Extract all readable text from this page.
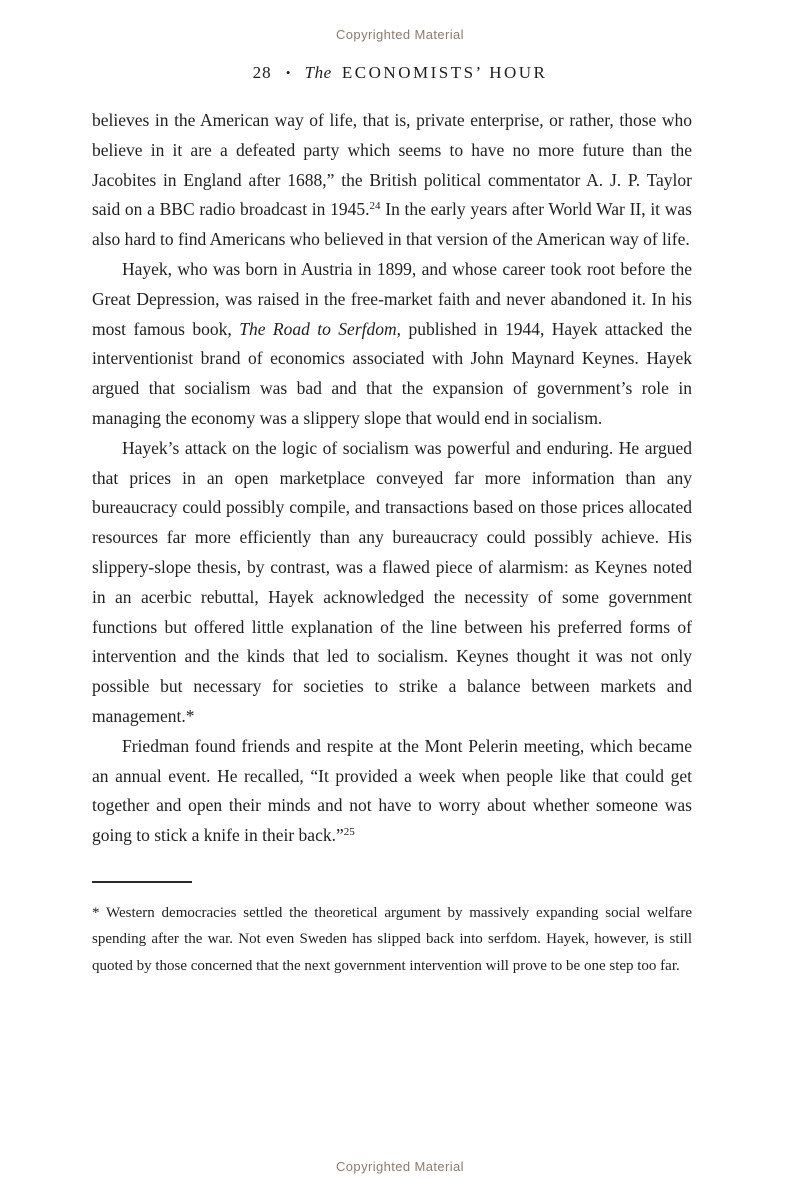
Copyrighted Material
28 • The ECONOMISTS’ HOUR

believes in the American way of life, that is, private enterprise, or rather, those who believe in it are a defeated party which seems to have no more future than the Jacobites in England after 1688,” the British political commentator A. J. P. Taylor said on a BBC radio broadcast in 1945.24 In the early years after World War II, it was also hard to find Americans who believed in that version of the American way of life.

Hayek, who was born in Austria in 1899, and whose career took root before the Great Depression, was raised in the free-market faith and never abandoned it. In his most famous book, The Road to Serfdom, published in 1944, Hayek attacked the interventionist brand of economics associated with John Maynard Keynes. Hayek argued that socialism was bad and that the expansion of government’s role in managing the economy was a slippery slope that would end in socialism.

Hayek’s attack on the logic of socialism was powerful and enduring. He argued that prices in an open marketplace conveyed far more information than any bureaucracy could possibly compile, and transactions based on those prices allocated resources far more efficiently than any bureaucracy could possibly achieve. His slippery-slope thesis, by contrast, was a flawed piece of alarmism: as Keynes noted in an acerbic rebuttal, Hayek acknowledged the necessity of some government functions but offered little explanation of the line between his preferred forms of intervention and the kinds that led to socialism. Keynes thought it was not only possible but necessary for societies to strike a balance between markets and management.*

Friedman found friends and respite at the Mont Pelerin meeting, which became an annual event. He recalled, “It provided a week when people like that could get together and open their minds and not have to worry about whether someone was going to stick a knife in their back.”$^{25}$

* Western democracies settled the theoretical argument by massively expanding social welfare spending after the war. Not even Sweden has slipped back into serfdom. Hayek, however, is still quoted by those concerned that the next government intervention will prove to be one step too far.

Copyrighted Material
